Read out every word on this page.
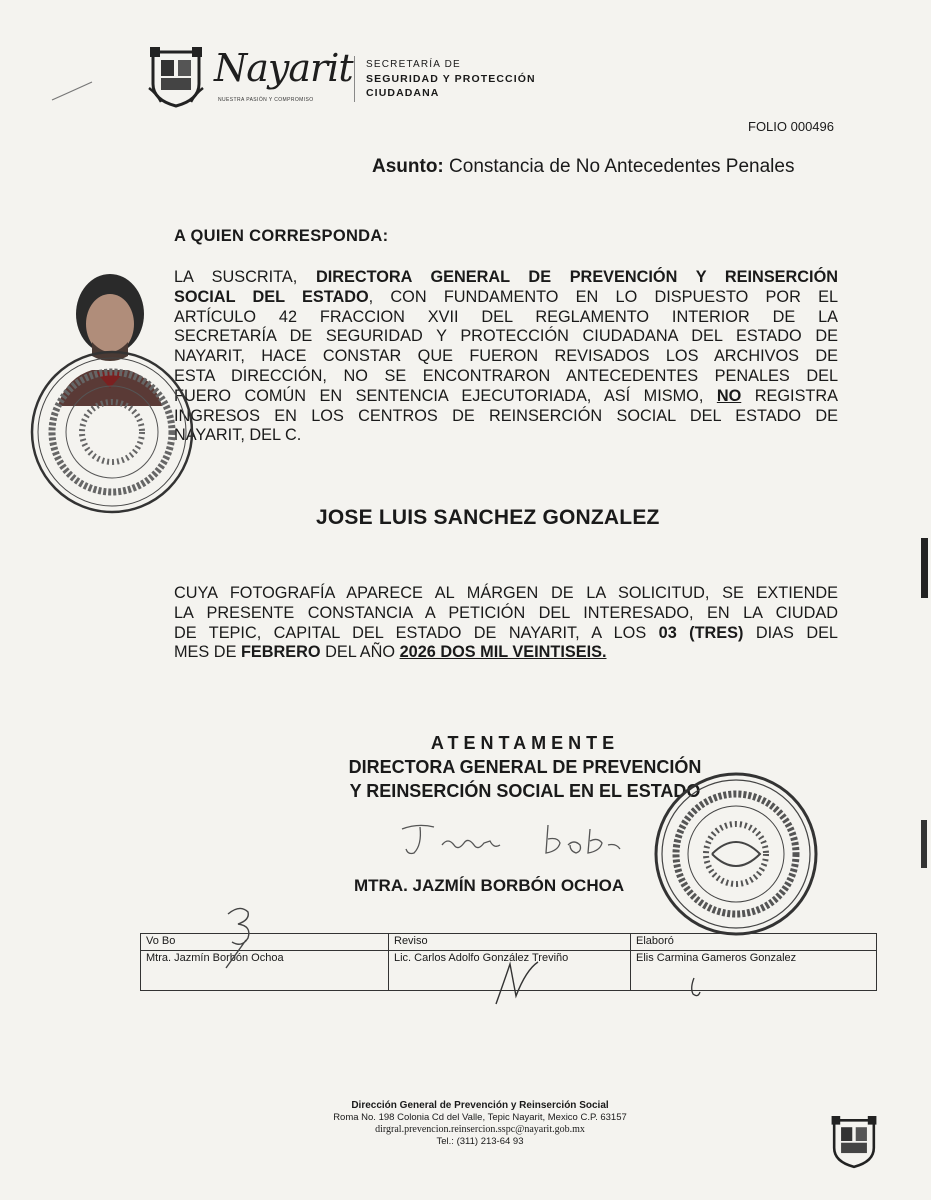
Nayarit
NUESTRA PASIÓN Y COMPROMISO
SECRETARÍA DE
SEGURIDAD Y PROTECCIÓN
CIUDADANA
FOLIO 000496
Asunto: Constancia de No Antecedentes Penales
A QUIEN CORRESPONDA:
LA SUSCRITA, DIRECTORA GENERAL DE PREVENCIÓN Y REINSERCIÓN
SOCIAL DEL ESTADO, CON FUNDAMENTO EN LO DISPUESTO POR EL
ARTÍCULO 42 FRACCION XVII DEL REGLAMENTO INTERIOR DE LA
SECRETARÍA DE SEGURIDAD Y PROTECCIÓN CIUDADANA DEL ESTADO DE
NAYARIT, HACE CONSTAR QUE FUERON REVISADOS LOS ARCHIVOS DE
ESTA DIRECCIÓN, NO SE ENCONTRARON ANTECEDENTES PENALES DEL
FUERO COMÚN EN SENTENCIA EJECUTORIADA, ASÍ MISMO, NO REGISTRA
INGRESOS EN LOS CENTROS DE REINSERCIÓN SOCIAL DEL ESTADO DE
NAYARIT, DEL C.
JOSE LUIS SANCHEZ GONZALEZ
CUYA FOTOGRAFÍA APARECE AL MÁRGEN DE LA SOLICITUD, SE EXTIENDE
LA PRESENTE CONSTANCIA A PETICIÓN DEL INTERESADO, EN LA CIUDAD
DE TEPIC, CAPITAL DEL ESTADO DE NAYARIT, A LOS 03 (TRES) DIAS DEL
MES DE FEBRERO DEL AÑO 2026 DOS MIL VEINTISEIS.
ATENTAMENTE
DIRECTORA GENERAL DE PREVENCIÓN
Y REINSERCIÓN SOCIAL EN EL ESTADO
MTRA. JAZMÍN BORBÓN OCHOA
Vo Bo	Reviso	Elaboró
Mtra. Jazmín Borbón Ochoa	Lic. Carlos Adolfo González Treviño	Elis Carmina Gameros Gonzalez
Dirección General de Prevención y Reinserción Social
Roma No. 198 Colonia Cd del Valle, Tepic Nayarit, Mexico C.P. 63157
dirgral.prevencion.reinsercion.sspc@nayarit.gob.mx
Tel.: (311) 213-64 93
